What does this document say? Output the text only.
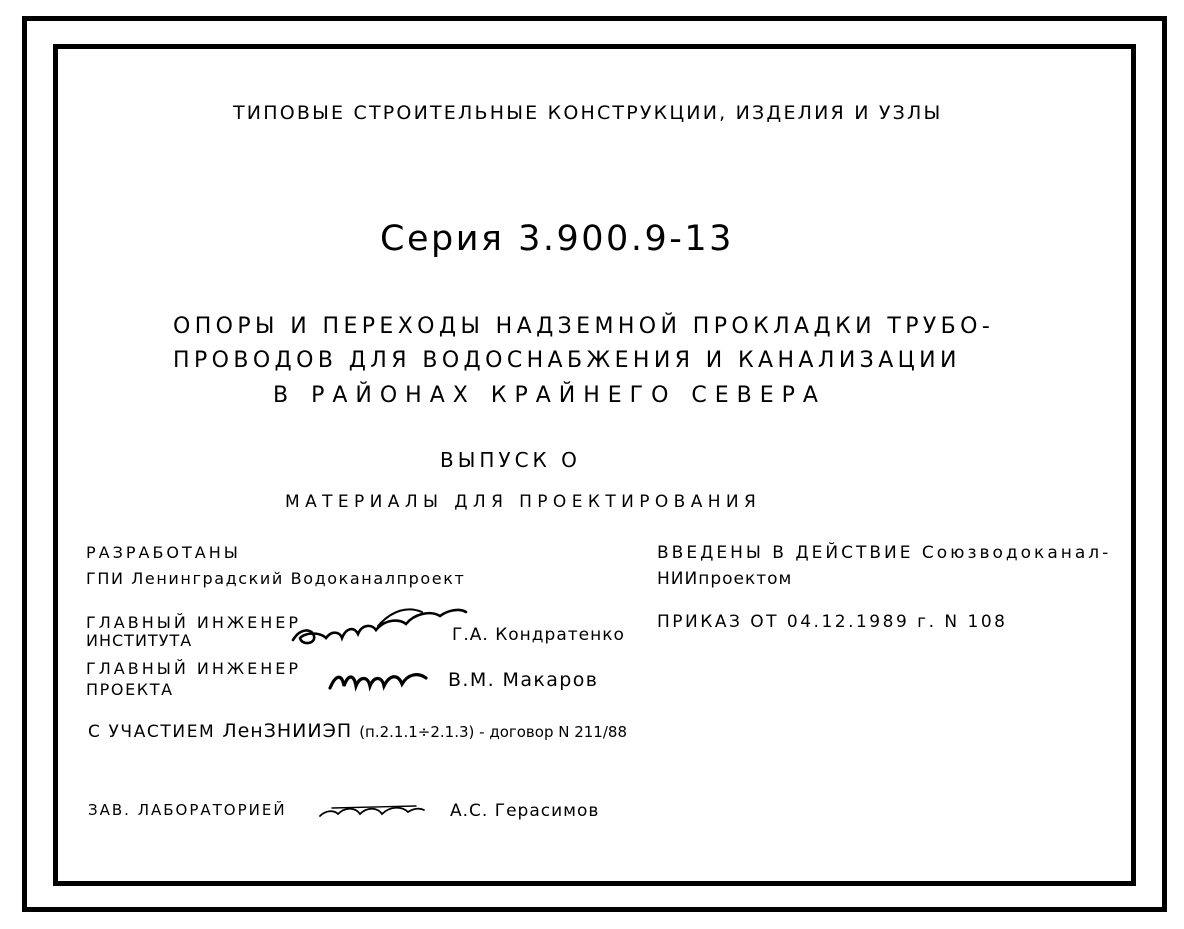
ТИПОВЫЕ СТРОИТЕЛЬНЫЕ КОНСТРУКЦИИ, ИЗДЕЛИЯ И УЗЛЫ
Серия 3.900.9-13
ОПОРЫ И ПЕРЕХОДЫ НАДЗЕМНОЙ ПРОКЛАДКИ ТРУБО-
ПРОВОДОВ ДЛЯ ВОДОСНАБЖЕНИЯ И КАНАЛИЗАЦИИ
В РАЙОНАХ КРАЙНЕГО СЕВЕРА
ВЫПУСК О
МАТЕРИАЛЫ ДЛЯ ПРОЕКТИРОВАНИЯ
РАЗРАБОТАНЫ
ГПИ Ленинградский Водоканалпроект
ГЛАВНЫЙ ИНЖЕНЕР
ИНСТИТУТА	Г.А. Кондратенко
ГЛАВНЫЙ ИНЖЕНЕР
ПРОЕКТА	В.М. Макаров
С УЧАСТИЕМ ЛенЗНИИЭП (п.2.1.1÷2.1.3) - договор N 211/88
ЗАВ. ЛАБОРАТОРИЕЙ	А.С. Герасимов
ВВЕДЕНЫ В ДЕЙСТВИЕ Союзводоканал-
НИИпроектом
ПРИКАЗ ОТ 04.12.1989 г. N 108
